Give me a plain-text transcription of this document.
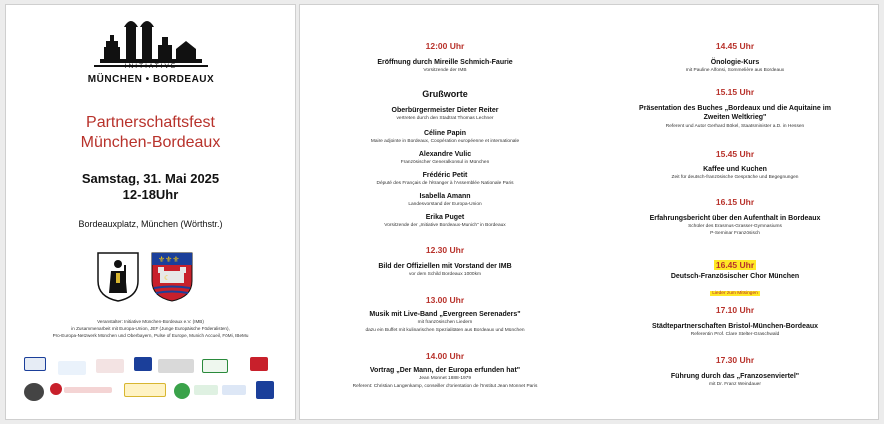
INITIATIVE
MÜNCHEN • BORDEAUX
Partnerschaftsfest
München-Bordeaux
Samstag, 31. Mai 2025
12-18Uhr
Bordeauxplatz, München (Wörthstr.)
⚜⚜⚜
☾
Veranstalter: Initiative München-Bordeaux e.V. (IMB)
in Zusammenarbeit mit Europa-Union, JEF (Junge Europäische Föderalisten),
Pro-Europa-Netzwerk München und Oberbayern, Pulse of Europe, Munich Accueil, FöMi, IBeMu
12:00 Uhr
Eröffnung durch Mireille Schmich-Faurie
Vorsitzende der IMB
Grußworte
Oberbürgermeister Dieter Reiter
vertreten durch den Stadtrat Thomas Lechner
Céline Papin
Maire adjointe in Bordeaux, Coopération européenne et internationale
Alexandre Vulic
Französischer Generalkonsul in München
Frédéric Petit
Député des Français de l'étranger à l'Assemblée Nationale Paris
Isabella Amann
Landesvorstand der Europa-Union
Erika Puget
Vorsitzende der „Initiative Bordeaux-Munich" in Bordeaux
12.30 Uhr
Bild der Offiziellen mit Vorstand der IMB
vor dem Schild Bordeaux 1000km
13.00 Uhr
Musik mit Live-Band „Evergreen Serenaders"
mit französischen Liedern
dazu ein Buffet mit kulinarischen Spezialitäten aus Bordeaux und München
14.00 Uhr
Vortrag „Der Mann, der Europa erfunden hat"
Jean Monnet 1888-1979
Referent: Christian Langenkamp, conseiller d'orientation de l'Institut Jean Monnet Paris
14.45 Uhr
Önologie-Kurs
mit Pauline Alfonsi, Sommelière aus Bordeaux
15.15 Uhr
Präsentation des Buches „Bordeaux und die Aquitaine im
Zweiten Weltkrieg"
Referent und Autor Gerhard Bökel, Staatsminister a.D. in Hessen
15.45 Uhr
Kaffee und Kuchen
Zeit für deutsch-französische Gespräche und Begegnungen
16.15 Uhr
Erfahrungsbericht über den Aufenthalt in Bordeaux
Schüler des Erasmus-Grasser-Gymnasiums
P-Seminar Französisch
16.45 Uhr
Deutsch-Französischer Chor München
Lieder zum Mitsingen
17.10 Uhr
Städtepartnerschaften Bristol-München-Bordeaux
Referentin Prof. Clare Stelter-Graschwald
17.30 Uhr
Führung durch das „Franzosenviertel"
mit Dr. Franz Weindauer
